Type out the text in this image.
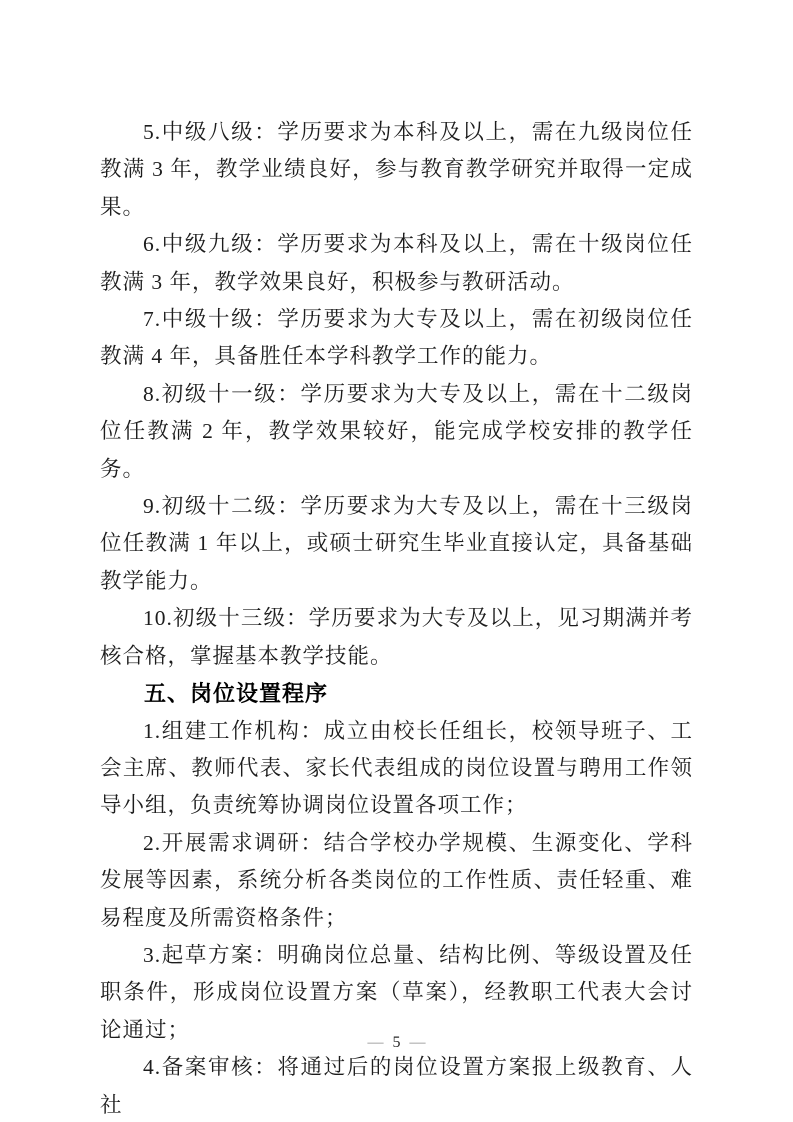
5.中级八级：学历要求为本科及以上，需在九级岗位任教满 3 年，教学业绩良好，参与教育教学研究并取得一定成果。

6.中级九级：学历要求为本科及以上，需在十级岗位任教满 3 年，教学效果良好，积极参与教研活动。

7.中级十级：学历要求为大专及以上，需在初级岗位任教满 4 年，具备胜任本学科教学工作的能力。

8.初级十一级：学历要求为大专及以上，需在十二级岗位任教满 2 年，教学效果较好，能完成学校安排的教学任务。

9.初级十二级：学历要求为大专及以上，需在十三级岗位任教满 1 年以上，或硕士研究生毕业直接认定，具备基础教学能力。

10.初级十三级：学历要求为大专及以上，见习期满并考核合格，掌握基本教学技能。

五、岗位设置程序

1.组建工作机构：成立由校长任组长，校领导班子、工会主席、教师代表、家长代表组成的岗位设置与聘用工作领导小组，负责统筹协调岗位设置各项工作；

2.开展需求调研：结合学校办学规模、生源变化、学科发展等因素，系统分析各类岗位的工作性质、责任轻重、难易程度及所需资格条件；

3.起草方案：明确岗位总量、结构比例、等级设置及任职条件，形成岗位设置方案（草案），经教职工代表大会讨论通过；

4.备案审核：将通过后的岗位设置方案报上级教育、人社

— 5 —
